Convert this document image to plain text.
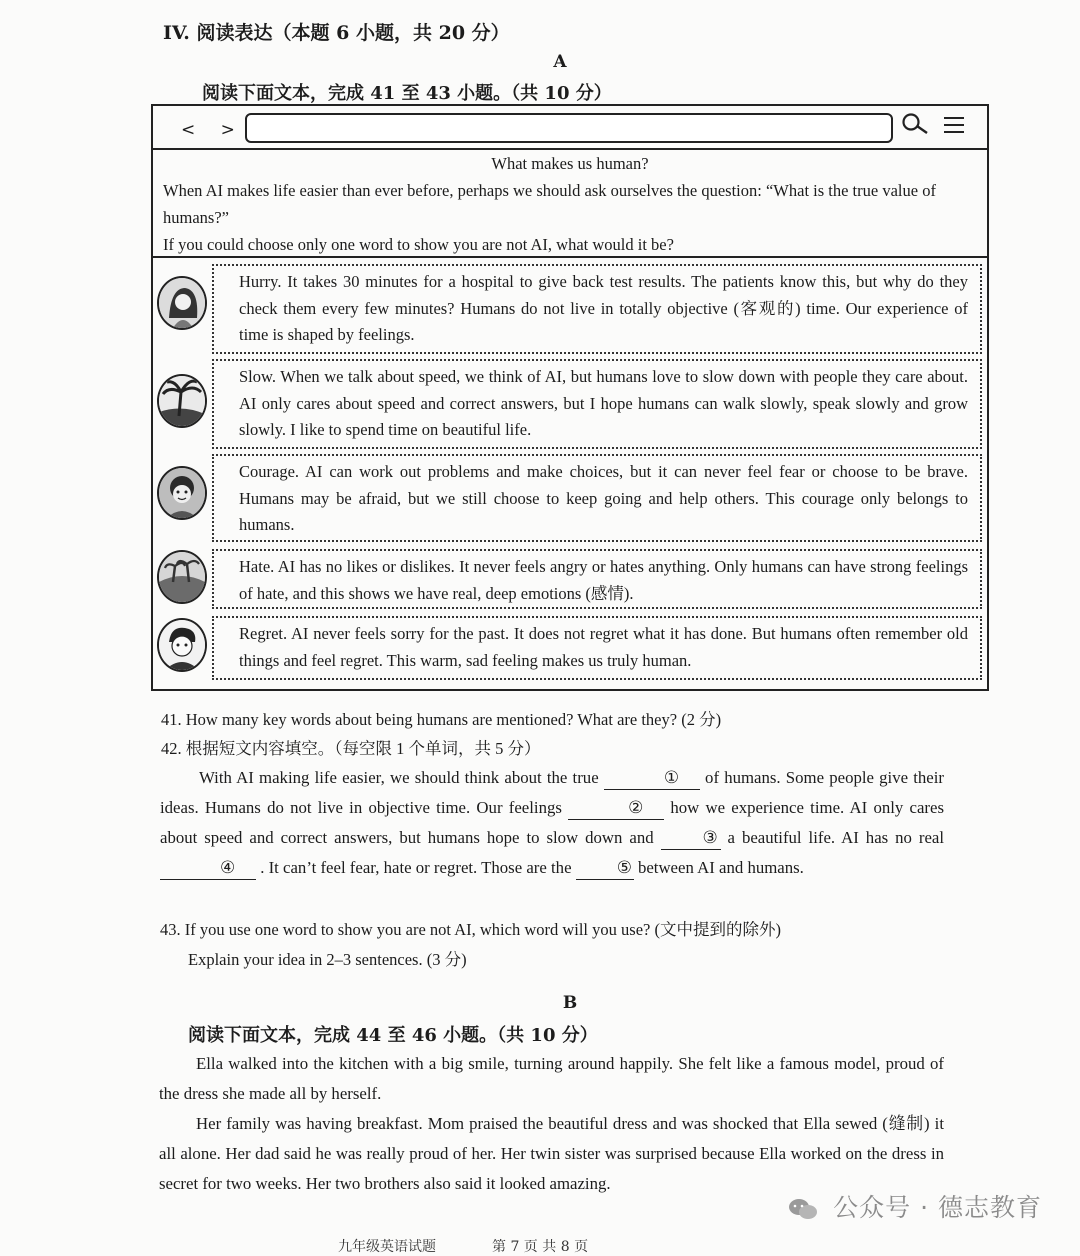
IV. 阅读表达（本题 6 小题，共 20 分）
A
阅读下面文本，完成 41 至 43 小题。（共 10 分）
< >
What makes us human?
When AI makes life easier than ever before, perhaps we should ask ourselves the question: “What is the true value of humans?”
If you could choose only one word to show you are not AI, what would it be?
Hurry. It takes 30 minutes for a hospital to give back test results. The patients know this, but why do they check them every few minutes? Humans do not live in totally objective (客观的) time. Our experience of time is shaped by feelings.
Slow. When we talk about speed, we think of AI, but humans love to slow down with people they care about. AI only cares about speed and correct answers, but I hope humans can walk slowly, speak slowly and grow slowly. I like to spend time on beautiful life.
Courage. AI can work out problems and make choices, but it can never feel fear or choose to be brave. Humans may be afraid, but we still choose to keep going and help others. This courage only belongs to humans.
Hate. AI has no likes or dislikes. It never feels angry or hates anything. Only humans can have strong feelings of hate, and this shows we have real, deep emotions (感情).
Regret. AI never feels sorry for the past. It does not regret what it has done. But humans often remember old things and feel regret. This warm, sad feeling makes us truly human.
41. How many key words about being humans are mentioned? What are they? (2 分)
42. 根据短文内容填空。（每空限 1 个单词，共 5 分）
With AI making life easier, we should think about the true	① of humans. Some people give their ideas. Humans do not live in objective time. Our feelings	② how we experience time. AI only cares about speed and correct answers, but humans hope to slow down and	③ a beautiful life. AI has no real ④ . It can’t feel fear, hate or regret. Those are the	⑤ between AI and humans.
43. If you use one word to show you are not AI, which word will you use? (文中提到的除外)
Explain your idea in 2–3 sentences. (3 分)
B
阅读下面文本，完成 44 至 46 小题。（共 10 分）
Ella walked into the kitchen with a big smile, turning around happily. She felt like a famous model, proud of the dress she made all by herself.
Her family was having breakfast. Mom praised the beautiful dress and was shocked that Ella sewed (缝制) it all alone. Her dad said he was really proud of her. Her twin sister was surprised because Ella worked on the dress in secret for two weeks. Her two brothers also said it looked amazing.
九年级英语试题	第 7 页 共 8 页
公众号 · 德志教育
